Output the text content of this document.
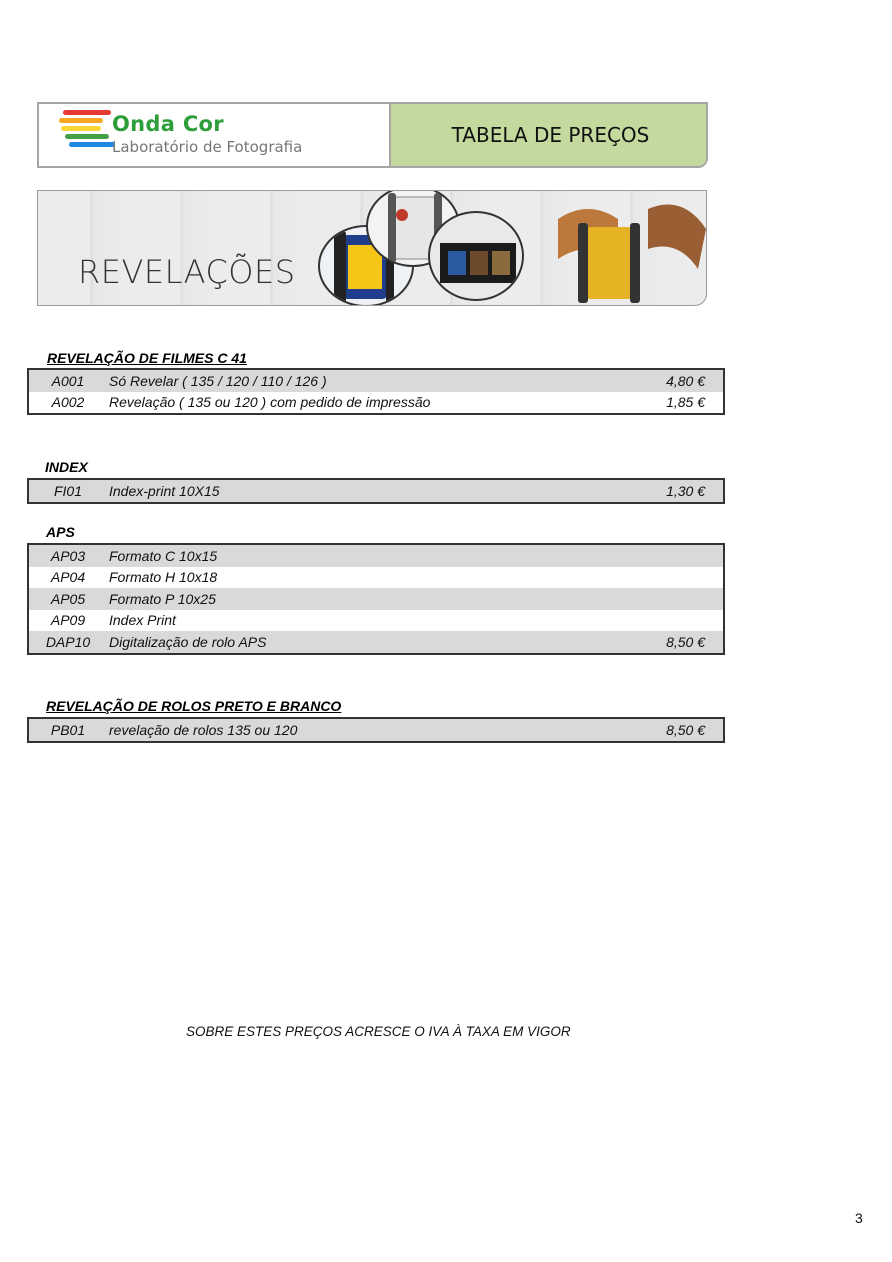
Onda Cor
Laboratório de Fotografia	TABELA DE PREÇOS
REVELAÇÕES
REVELAÇÃO DE FILMES C 41
A001	Só Revelar ( 135 / 120 / 110 / 126 )	4,80 €
A002	Revelação ( 135 ou 120 ) com pedido de impressão	1,85 €
INDEX
FI01	Index-print 10X15	1,30 €
APS
AP03	Formato C 10x15
AP04	Formato H 10x18
AP05	Formato P 10x25
AP09	Index Print
DAP10	Digitalização de rolo APS	8,50 €
REVELAÇÃO DE ROLOS PRETO E BRANCO
PB01	revelação de rolos 135 ou 120	8,50 €
SOBRE ESTES PREÇOS ACRESCE O IVA À TAXA EM VIGOR
3
